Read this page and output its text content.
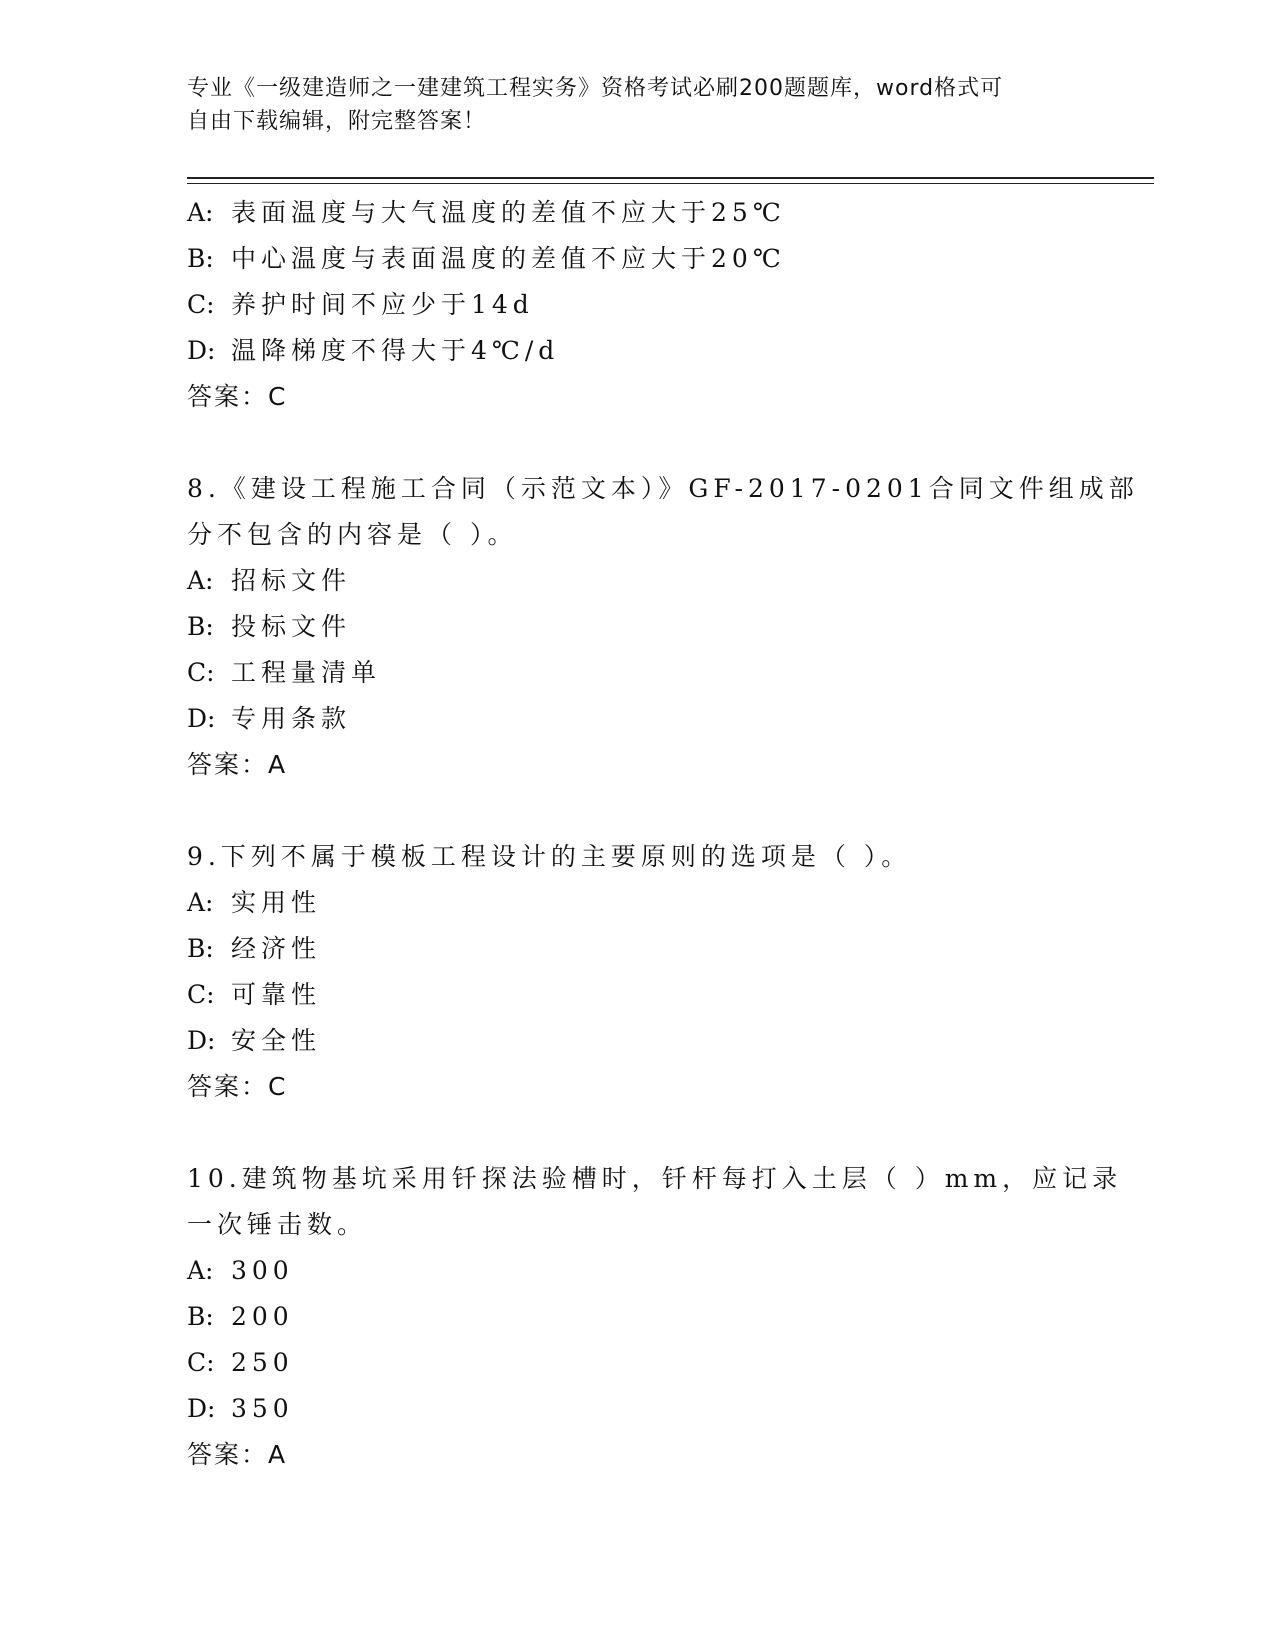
专业《一级建造师之一建建筑工程实务》资格考试必刷200题题库，word格式可
自由下载编辑，附完整答案！
A: 表面温度与大气温度的差值不应大于25℃
B: 中心温度与表面温度的差值不应大于20℃
C: 养护时间不应少于14d
D: 温降梯度不得大于4℃/d
答案：C
8.《建设工程施工合同（示范文本）》GF-2017-0201合同文件组成部
分不包含的内容是（ ）。
A: 招标文件
B: 投标文件
C: 工程量清单
D: 专用条款
答案：A
9.下列不属于模板工程设计的主要原则的选项是（ ）。
A: 实用性
B: 经济性
C: 可靠性
D: 安全性
答案：C
10.建筑物基坑采用钎探法验槽时，钎杆每打入土层（ ）mm，应记录
一次锤击数。
A: 300
B: 200
C: 250
D: 350
答案：A
